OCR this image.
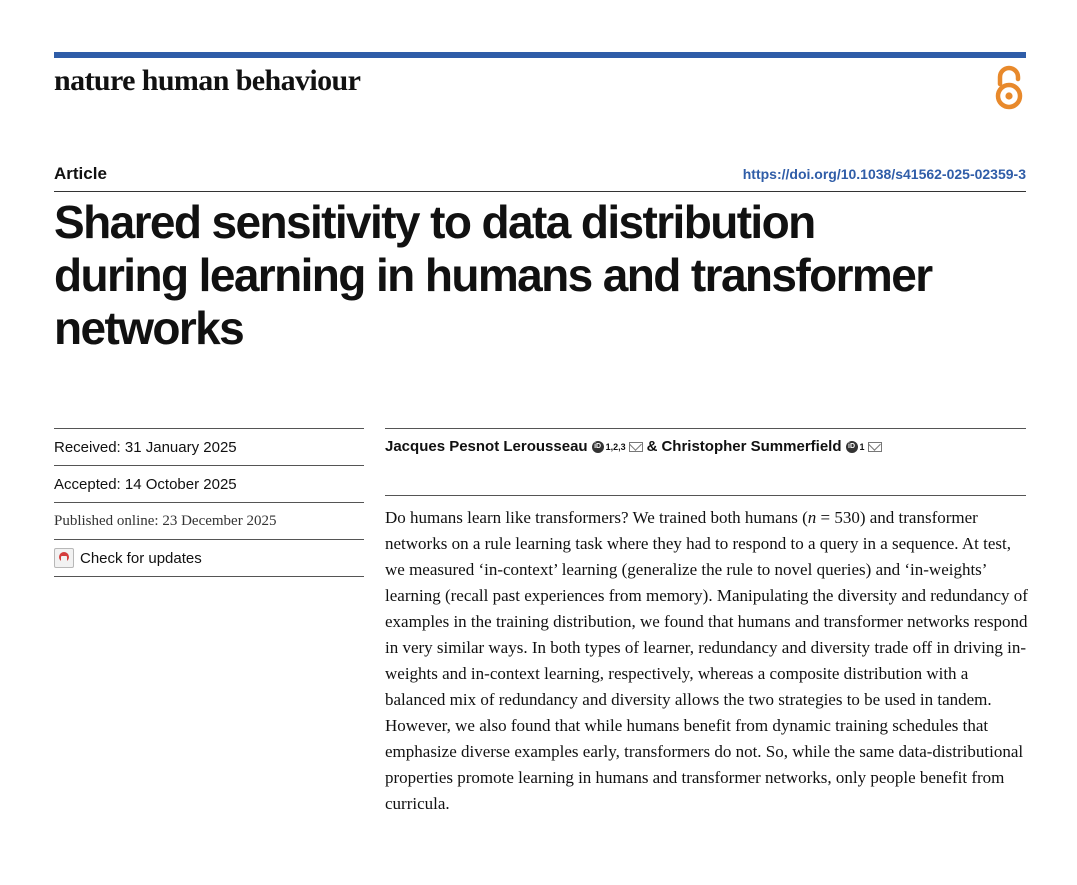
nature human behaviour
Article	https://doi.org/10.1038/s41562-025-02359-3
Shared sensitivity to data distribution during learning in humans and transformer networks
Received: 31 January 2025
Accepted: 14 October 2025
Published online: 23 December 2025
Check for updates
Jacques Pesnot Lerousseau iD 1,2,3 & Christopher Summerfield iD 1

Do humans learn like transformers? We trained both humans (n = 530) and transformer networks on a rule learning task where they had to respond to a query in a sequence. At test, we measured ‘in-context’ learning (generalize the rule to novel queries) and ‘in-weights’ learning (recall past experiences from memory). Manipulating the diversity and redundancy of examples in the training distribution, we found that humans and transformer networks respond in very similar ways. In both types of learner, redundancy and diversity trade off in driving in-weights and in-context learning, respectively, whereas a composite distribution with a balanced mix of redundancy and diversity allows the two strategies to be used in tandem. However, we also found that while humans benefit from dynamic training schedules that emphasize diverse examples early, transformers do not. So, while the same data-distributional properties promote learning in humans and transformer networks, only people benefit from curricula.
